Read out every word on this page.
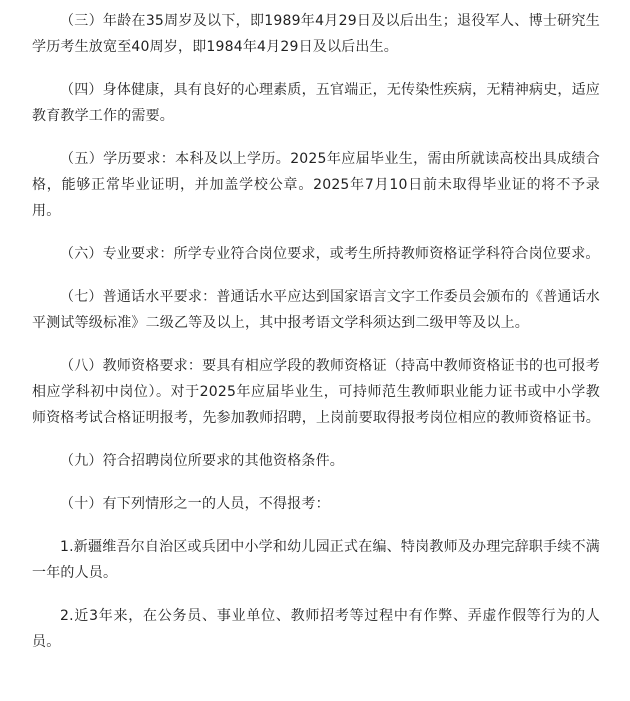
（三）年龄在35周岁及以下，即1989年4月29日及以后出生；退役军人、博士研究生学历考生放宽至40周岁，即1984年4月29日及以后出生。

（四）身体健康，具有良好的心理素质，五官端正，无传染性疾病，无精神病史，适应教育教学工作的需要。

（五）学历要求：本科及以上学历。2025年应届毕业生，需由所就读高校出具成绩合格，能够正常毕业证明，并加盖学校公章。2025年7月10日前未取得毕业证的将不予录用。

（六）专业要求：所学专业符合岗位要求，或考生所持教师资格证学科符合岗位要求。

（七）普通话水平要求：普通话水平应达到国家语言文字工作委员会颁布的《普通话水平测试等级标准》二级乙等及以上，其中报考语文学科须达到二级甲等及以上。

（八）教师资格要求：要具有相应学段的教师资格证（持高中教师资格证书的也可报考相应学科初中岗位）。对于2025年应届毕业生，可持师范生教师职业能力证书或中小学教师资格考试合格证明报考，先参加教师招聘，上岗前要取得报考岗位相应的教师资格证书。

（九）符合招聘岗位所要求的其他资格条件。

（十）有下列情形之一的人员，不得报考：

1.新疆维吾尔自治区或兵团中小学和幼儿园正式在编、特岗教师及办理完辞职手续不满一年的人员。

2.近3年来，在公务员、事业单位、教师招考等过程中有作弊、弄虚作假等行为的人员。
